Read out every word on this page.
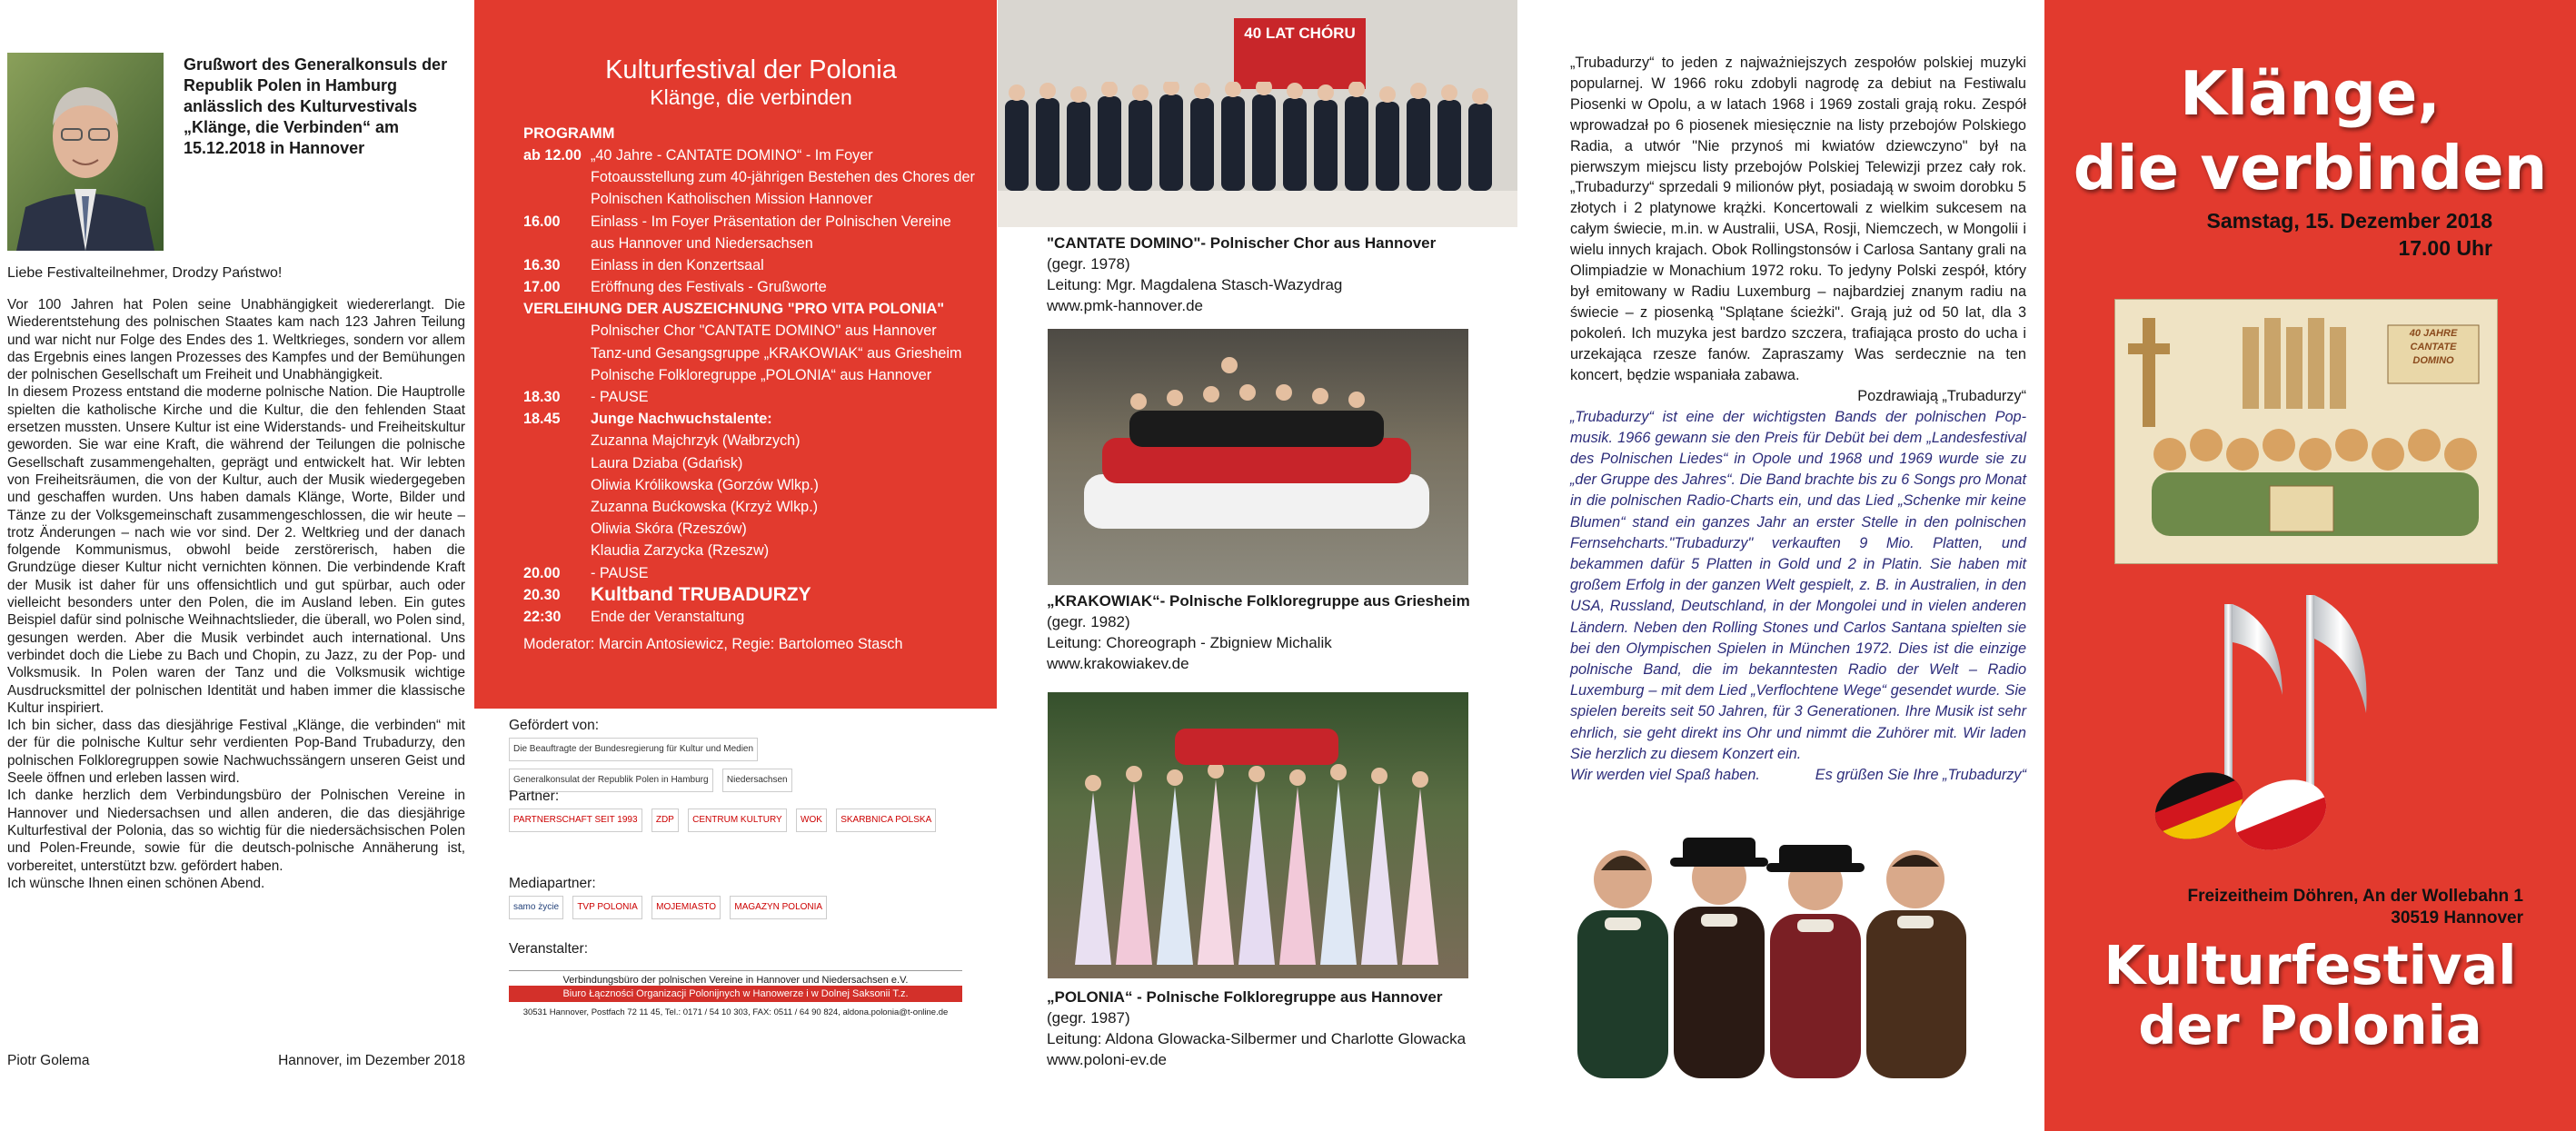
Grußwort des Generalkonsuls der Republik Polen in Hamburg anlässlich des Kulturvestivals „Klänge, die Verbinden“ am 15.12.2018 in Hannover
Liebe Festivalteilnehmer, Drodzy Państwo!

Vor 100 Jahren hat Polen seine Unabhängigkeit wiedererlangt. Die Wiederentstehung des polnischen Staates kam nach 123 Jahren Teilung und war nicht nur Folge des Endes des 1. Weltkrieges, sondern vor allem das Ergebnis eines langen Prozesses des Kampfes und der Bemühungen der polnischen Gesellschaft um Freiheit und Unabhängigkeit.

In diesem Prozess entstand die moderne polnische Nation. Die Hauptrolle spielten die katholische Kirche und die Kultur, die den fehlenden Staat ersetzen mussten. Unsere Kultur ist eine Widerstands- und Freiheitskultur geworden. Sie war eine Kraft, die während der Teilungen die polnische Gesellschaft zusammengehalten, geprägt und entwickelt hat. Wir lebten von Freiheitsräumen, die von der Kultur, auch der Musik wiedergegeben und geschaffen wurden. Uns haben damals Klänge, Worte, Bilder und Tänze zu der Volksgemeinschaft zusammengeschlossen, die wir heute – trotz Änderungen – nach wie vor sind. Der 2. Weltkrieg und der danach folgende Kommunismus, obwohl beide zerstörerisch, haben die Grundzüge dieser Kultur nicht vernichten können. Die verbindende Kraft der Musik ist daher für uns offensichtlich und gut spürbar, auch oder vielleicht besonders unter den Polen, die im Ausland leben. Ein gutes Beispiel dafür sind polnische Weihnachtslieder, die überall, wo Polen sind, gesungen werden. Aber die Musik verbindet auch international. Uns verbindet doch die Liebe zu Bach und Chopin, zu Jazz, zu der Pop- und Volksmusik. In Polen waren der Tanz und die Volksmusik wichtige Ausdrucksmittel der polnischen Identität und haben immer die klassische Kultur inspiriert.

Ich bin sicher, dass das diesjährige Festival „Klänge, die verbinden“ mit der für die polnische Kultur sehr verdienten Pop-Band Trubadurzy, den polnischen Folkloregruppen sowie Nachwuchssängern unseren Geist und Seele öffnen und erleben lassen wird.

Ich danke herzlich dem Verbindungsbüro der Polnischen Vereine in Hannover und Niedersachsen und allen anderen, die das diesjährige Kulturfestival der Polonia, das so wichtig für die niedersächsischen Polen und Polen-Freunde, sowie für die deutsch-polnische Annäherung ist, vorbereitet, unterstützt bzw. gefördert haben.

Ich wünsche Ihnen einen schönen Abend.

Piotr Golema	Hannover, im Dezember 2018
Kulturfestival der Polonia
Klänge, die verbinden
PROGRAMM
ab 12.00 „40 Jahre - CANTATE DOMINO“ - Im Foyer Fotoausstellung zum 40-jährigen Bestehen des Chores der Polnischen Katholischen Mission Hannover
16.00	Einlass - Im Foyer Präsentation der Polnischen Vereine aus Hannover und Niedersachsen
16.30	Einlass in den Konzertsaal
17.00	Eröffnung des Festivals - Grußworte
VERLEIHUNG DER AUSZEICHNUNG "PRO VITA POLONIA"
Polnischer Chor "CANTATE DOMINO" aus Hannover
Tanz-und Gesangsgruppe „KRAKOWIAK“ aus Griesheim
Polnische Folkloregruppe „POLONIA“ aus Hannover
18.30	- PAUSE
18.45	Junge Nachwuchstalente:
Zuzanna Majchrzyk (Wałbrzych)
Laura Dziaba (Gdańsk)
Oliwia Królikowska (Gorzów Wlkp.)
Zuzanna Bućkowska (Krzyż Wlkp.)
Oliwia Skóra (Rzeszów)
Klaudia Zarzycka (Rzeszw)
20.00	- PAUSE
20.30	Kultband TRUBADURZY
22:30	Ende der Veranstaltung
Moderator: Marcin Antosiewicz, Regie: Bartolomeo Stasch
Gefördert von:
Die Beauftragte der Bundesregierung für Kultur und Medien Generalkonsulat der Republik Polen in Hamburg Niedersachsen
Partner:
PARTNERSCHAFT SEIT 1993 ZDP CENTRUM KULTURY WOK SKARBNICA POLSKA
Mediapartner:
samo życie TVP POLONIA MOJEMIASTO MAGAZYN POLONIA
Veranstalter:
Verbindungsbüro der polnischen Vereine in Hannover und Niedersachsen e.V.
Biuro Łączności Organizacji Polonijnych w Hanowerze i w Dolnej Saksonii T.z.
30531 Hannover, Postfach 72 11 45, Tel.: 0171 / 54 10 303, FAX: 0511 / 64 90 824, aldona.polonia@t-online.de
40 LAT CHÓRU
"CANTATE DOMINO"- Polnischer Chor aus Hannover
(gegr. 1978)
Leitung: Mgr. Magdalena Stasch-Wazydrag
www.pmk-hannover.de
„KRAKOWIAK“- Polnische Folkloregruppe aus Griesheim
(gegr. 1982)
Leitung: Choreograph - Zbigniew Michalik
www.krakowiakev.de
„POLONIA“ - Polnische Folkloregruppe aus Hannover
(gegr. 1987)
Leitung: Aldona Glowacka-Silbermer und Charlotte Glowacka
www.poloni-ev.de

„Trubadurzy“ to jeden z najważniejszych zespołów polskiej muzyki popularnej. W 1966 roku zdobyli nagrodę za debiut na Festiwalu Piosenki w Opolu, a w latach 1968 i 1969 zostali grają roku. Zespół wprowadzał po 6 piosenek miesięcznie na listy przebojów Polskiego Radia, a utwór "Nie przynoś mi kwiatów dziewczyno" był na pierwszym miejscu listy przebojów Polskiej Telewizji przez cały rok. „Trubadurzy“ sprzedali 9 milionów płyt, posiadają w swoim dorobku 5 złotych i 2 platynowe krążki. Koncertowali z wielkim sukcesem na całym świecie, m.in. w Australii, USA, Rosji, Niemczech, w Mongolii i wielu innych krajach. Obok Rollingstonsów i Carlosa Santany grali na Olimpiadzie w Monachium 1972 roku. To jedyny Polski zespół, który był emitowany w Radiu Luxemburg – najbardziej znanym radiu na świecie – z piosenką "Splątane ścieżki". Grają już od 50 lat, dla 3 pokoleń. Ich muzyka jest bardzo szczera, trafiająca prosto do ucha i urzekająca rzesze fanów. Zapraszamy Was serdecznie na ten koncert, będzie wspaniała zabawa.

Pozdrawiają „Trubadurzy“

„Trubadurzy“ ist eine der wichtigsten Bands der polnischen Pop-musik. 1966 gewann sie den Preis für Debüt bei dem „Landesfestival des Polnischen Liedes“ in Opole und 1968 und 1969 wurde sie zu „der Gruppe des Jahres“. Die Band brachte bis zu 6 Songs pro Monat in die polnischen Radio-Charts ein, und das Lied „Schenke mir keine Blumen“ stand ein ganzes Jahr an erster Stelle in den polnischen Fernsehcharts."Trubadurzy" verkauften 9 Mio. Platten, und bekammen dafür 5 Platten in Gold und 2 in Platin. Sie haben mit großem Erfolg in der ganzen Welt gespielt, z. B. in Australien, in den USA, Russland, Deutschland, in der Mongolei und in vielen anderen Ländern. Neben den Rolling Stones und Carlos Santana spielten sie bei den Olympischen Spielen in München 1972. Dies ist die einzige polnische Band, die im bekanntesten Radio der Welt – Radio Luxemburg – mit dem Lied „Verflochtene Wege“ gesendet wurde. Sie spielen bereits seit 50 Jahren, für 3 Generationen. Ihre Musik ist sehr ehrlich, sie geht direkt ins Ohr und nimmt die Zuhörer mit. Wir laden Sie herzlich zu diesem Konzert ein.

Wir werden viel Spaß haben.	Es grüßen Sie Ihre „Trubadurzy“
Klänge,
die verbinden
Samstag, 15. Dezember 2018
17.00 Uhr
40 JAHRE CANTATE DOMINO
Freizeitheim Döhren, An der Wollebahn 1
30519 Hannover
Kulturfestival
der Polonia
